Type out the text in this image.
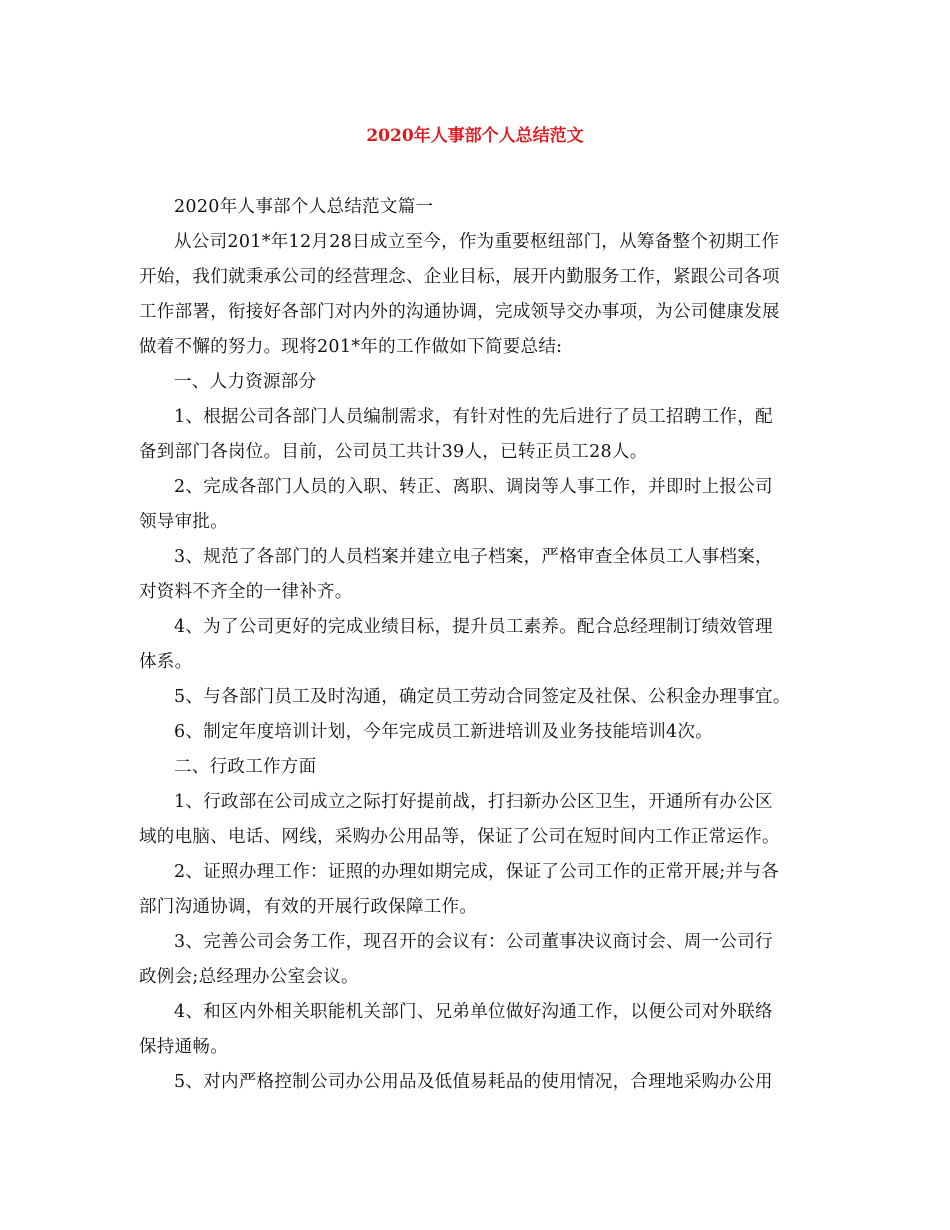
2020年人事部个人总结范文

2020年人事部个人总结范文篇一

从公司201*年12月28日成立至今，作为重要枢纽部门，从筹备整个初期工作
开始，我们就秉承公司的经营理念、企业目标，展开内勤服务工作，紧跟公司各项
工作部署，衔接好各部门对内外的沟通协调，完成领导交办事项，为公司健康发展
做着不懈的努力。现将201*年的工作做如下简要总结:

一、人力资源部分

1、根据公司各部门人员编制需求，有针对性的先后进行了员工招聘工作，配
备到部门各岗位。目前，公司员工共计39人，已转正员工28人。

2、完成各部门人员的入职、转正、离职、调岗等人事工作，并即时上报公司
领导审批。

3、规范了各部门的人员档案并建立电子档案，严格审查全体员工人事档案，
对资料不齐全的一律补齐。

4、为了公司更好的完成业绩目标，提升员工素养。配合总经理制订绩效管理
体系。

5、与各部门员工及时沟通，确定员工劳动合同签定及社保、公积金办理事宜。

6、制定年度培训计划，今年完成员工新进培训及业务技能培训4次。

二、行政工作方面

1、行政部在公司成立之际打好提前战，打扫新办公区卫生，开通所有办公区
域的电脑、电话、网线，采购办公用品等，保证了公司在短时间内工作正常运作。

2、证照办理工作：证照的办理如期完成，保证了公司工作的正常开展;并与各
部门沟通协调，有效的开展行政保障工作。

3、完善公司会务工作，现召开的会议有：公司董事决议商讨会、周一公司行
政例会;总经理办公室会议。

4、和区内外相关职能机关部门、兄弟单位做好沟通工作，以便公司对外联络
保持通畅。

5、对内严格控制公司办公用品及低值易耗品的使用情况，合理地采购办公用
